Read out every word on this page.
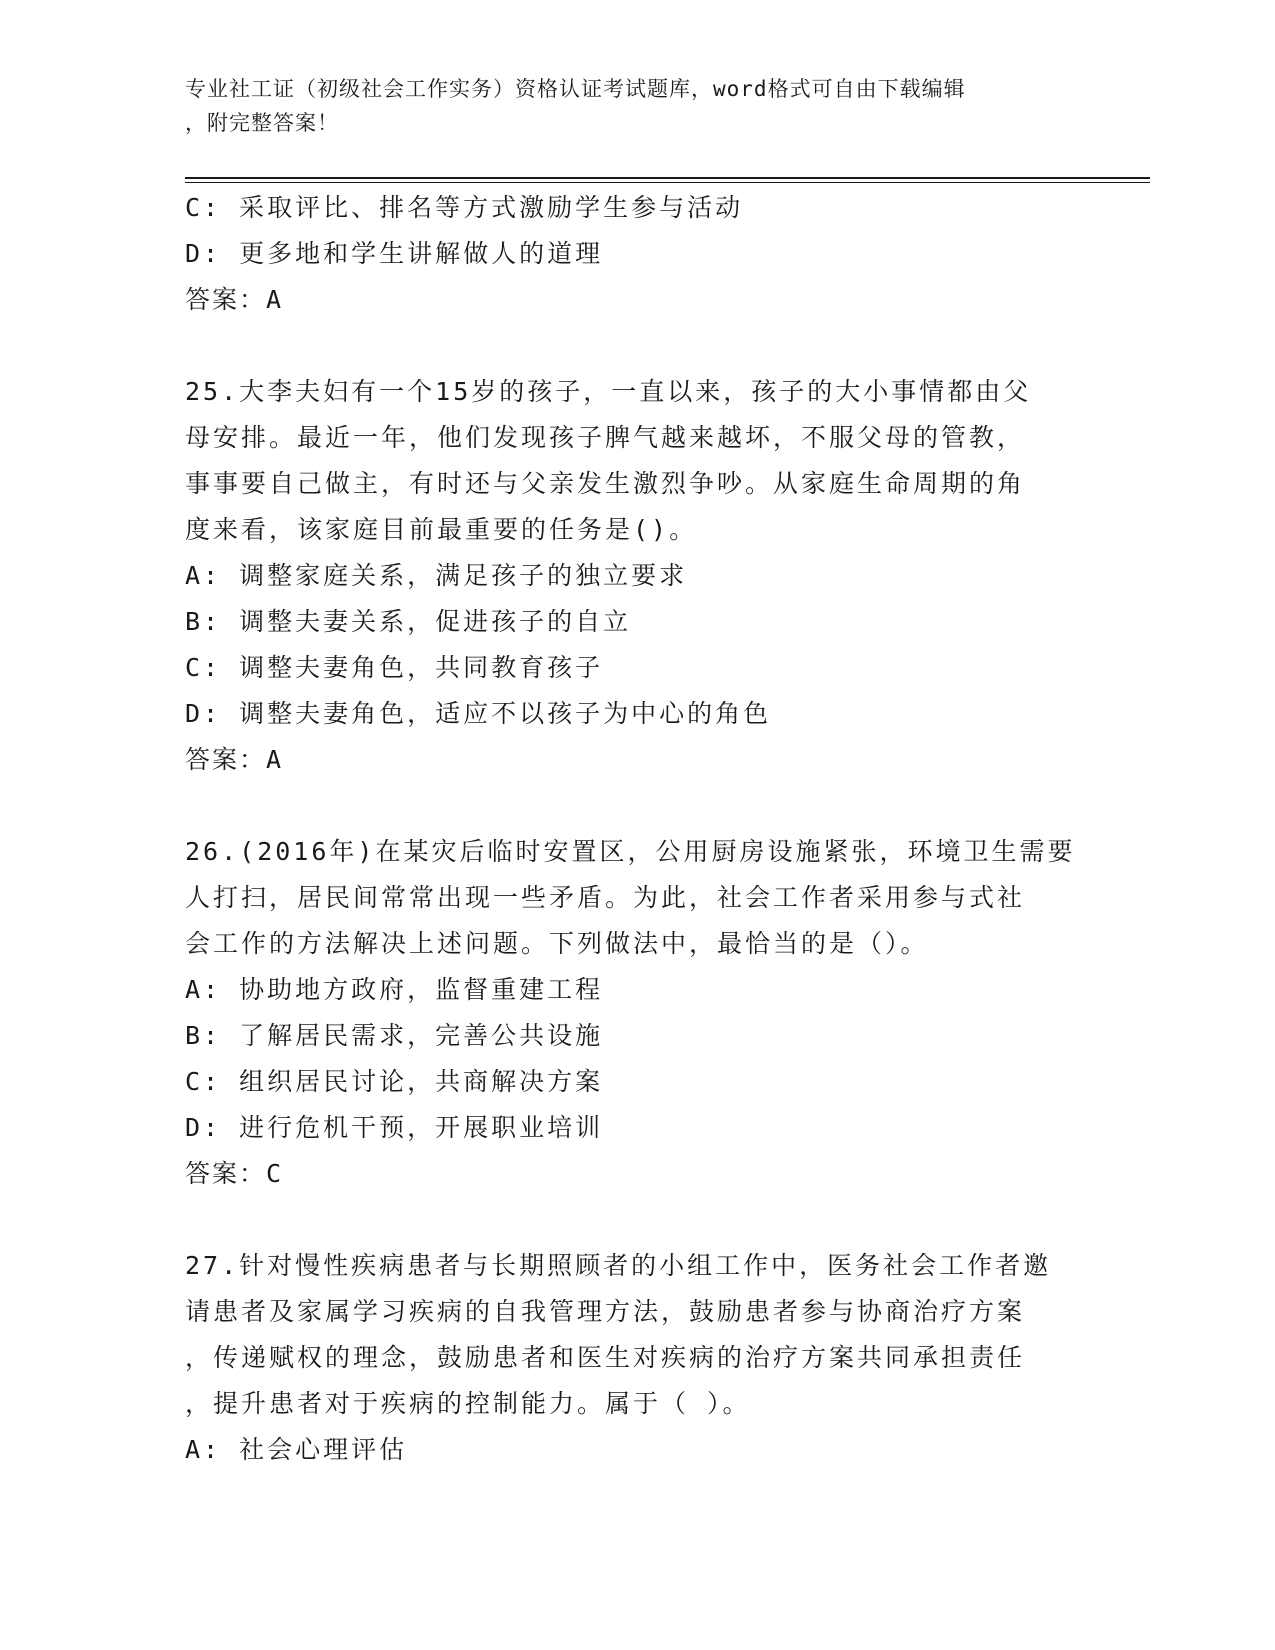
专业社工证（初级社会工作实务）资格认证考试题库，word格式可自由下载编辑
，附完整答案！
C: 采取评比、排名等方式激励学生参与活动
D: 更多地和学生讲解做人的道理
答案：A
25.大李夫妇有一个15岁的孩子，一直以来，孩子的大小事情都由父
母安排。最近一年，他们发现孩子脾气越来越坏，不服父母的管教，
事事要自己做主，有时还与父亲发生激烈争吵。从家庭生命周期的角
度来看，该家庭目前最重要的任务是()。
A: 调整家庭关系，满足孩子的独立要求
B: 调整夫妻关系，促进孩子的自立
C: 调整夫妻角色，共同教育孩子
D: 调整夫妻角色，适应不以孩子为中心的角色
答案：A
26.(2016年)在某灾后临时安置区，公用厨房设施紧张，环境卫生需要
人打扫，居民间常常出现一些矛盾。为此，社会工作者采用参与式社
会工作的方法解决上述问题。下列做法中，最恰当的是（）。
A: 协助地方政府，监督重建工程
B: 了解居民需求，完善公共设施
C: 组织居民讨论，共商解决方案
D: 进行危机干预，开展职业培训
答案：C
27.针对慢性疾病患者与长期照顾者的小组工作中，医务社会工作者邀
请患者及家属学习疾病的自我管理方法，鼓励患者参与协商治疗方案
，传递赋权的理念，鼓励患者和医生对疾病的治疗方案共同承担责任
，提升患者对于疾病的控制能力。属于（ ）。
A: 社会心理评估
